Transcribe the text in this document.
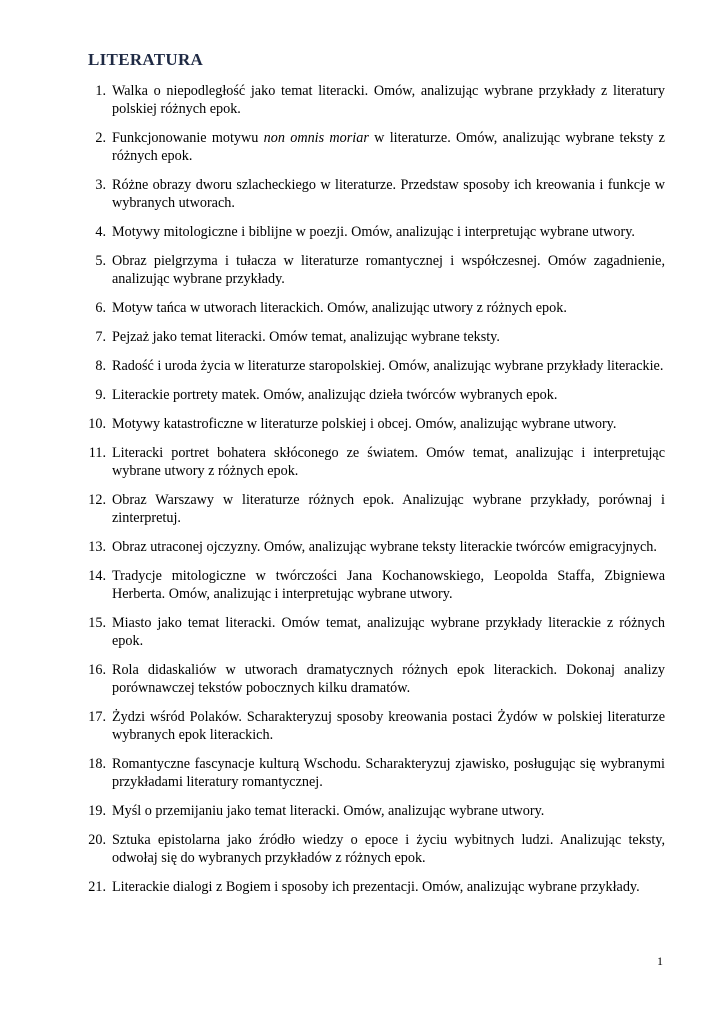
LITERATURA
1. Walka o niepodległość jako temat literacki. Omów, analizując wybrane przykłady z literatury polskiej różnych epok.
2. Funkcjonowanie motywu non omnis moriar w literaturze. Omów, analizując wybrane teksty z różnych epok.
3. Różne obrazy dworu szlacheckiego w literaturze. Przedstaw sposoby ich kreowania i funkcje w wybranych utworach.
4. Motywy mitologiczne i biblijne w poezji. Omów, analizując i interpretując wybrane utwory.
5. Obraz pielgrzyma i tułacza w literaturze romantycznej i współczesnej. Omów zagadnienie, analizując wybrane przykłady.
6. Motyw tańca w utworach literackich. Omów, analizując utwory z różnych epok.
7. Pejzaż jako temat literacki. Omów temat, analizując wybrane teksty.
8. Radość i uroda życia w literaturze staropolskiej. Omów, analizując wybrane przykłady literackie.
9. Literackie portrety matek. Omów, analizując dzieła twórców wybranych epok.
10. Motywy katastroficzne w literaturze polskiej i obcej. Omów, analizując wybrane utwory.
11. Literacki portret bohatera skłóconego ze światem. Omów temat, analizując i interpretując wybrane utwory z różnych epok.
12. Obraz Warszawy w literaturze różnych epok. Analizując wybrane przykłady, porównaj i zinterpretuj.
13. Obraz utraconej ojczyzny. Omów, analizując wybrane teksty literackie twórców emigracyjnych.
14. Tradycje mitologiczne w twórczości Jana Kochanowskiego, Leopolda Staffa, Zbigniewa Herberta. Omów, analizując i interpretując wybrane utwory.
15. Miasto jako temat literacki. Omów temat, analizując wybrane przykłady literackie z różnych epok.
16. Rola didaskaliów w utworach dramatycznych różnych epok literackich. Dokonaj analizy porównawczej tekstów pobocznych kilku dramatów.
17. Żydzi wśród Polaków. Scharakteryzuj sposoby kreowania postaci Żydów w polskiej literaturze wybranych epok literackich.
18. Romantyczne fascynacje kulturą Wschodu. Scharakteryzuj zjawisko, posługując się wybranymi przykładami literatury romantycznej.
19. Myśl o przemijaniu jako temat literacki. Omów, analizując wybrane utwory.
20. Sztuka epistolarna jako źródło wiedzy o epoce i życiu wybitnych ludzi. Analizując teksty, odwołaj się do wybranych przykładów z różnych epok.
21. Literackie dialogi z Bogiem i sposoby ich prezentacji. Omów, analizując wybrane przykłady.
1
